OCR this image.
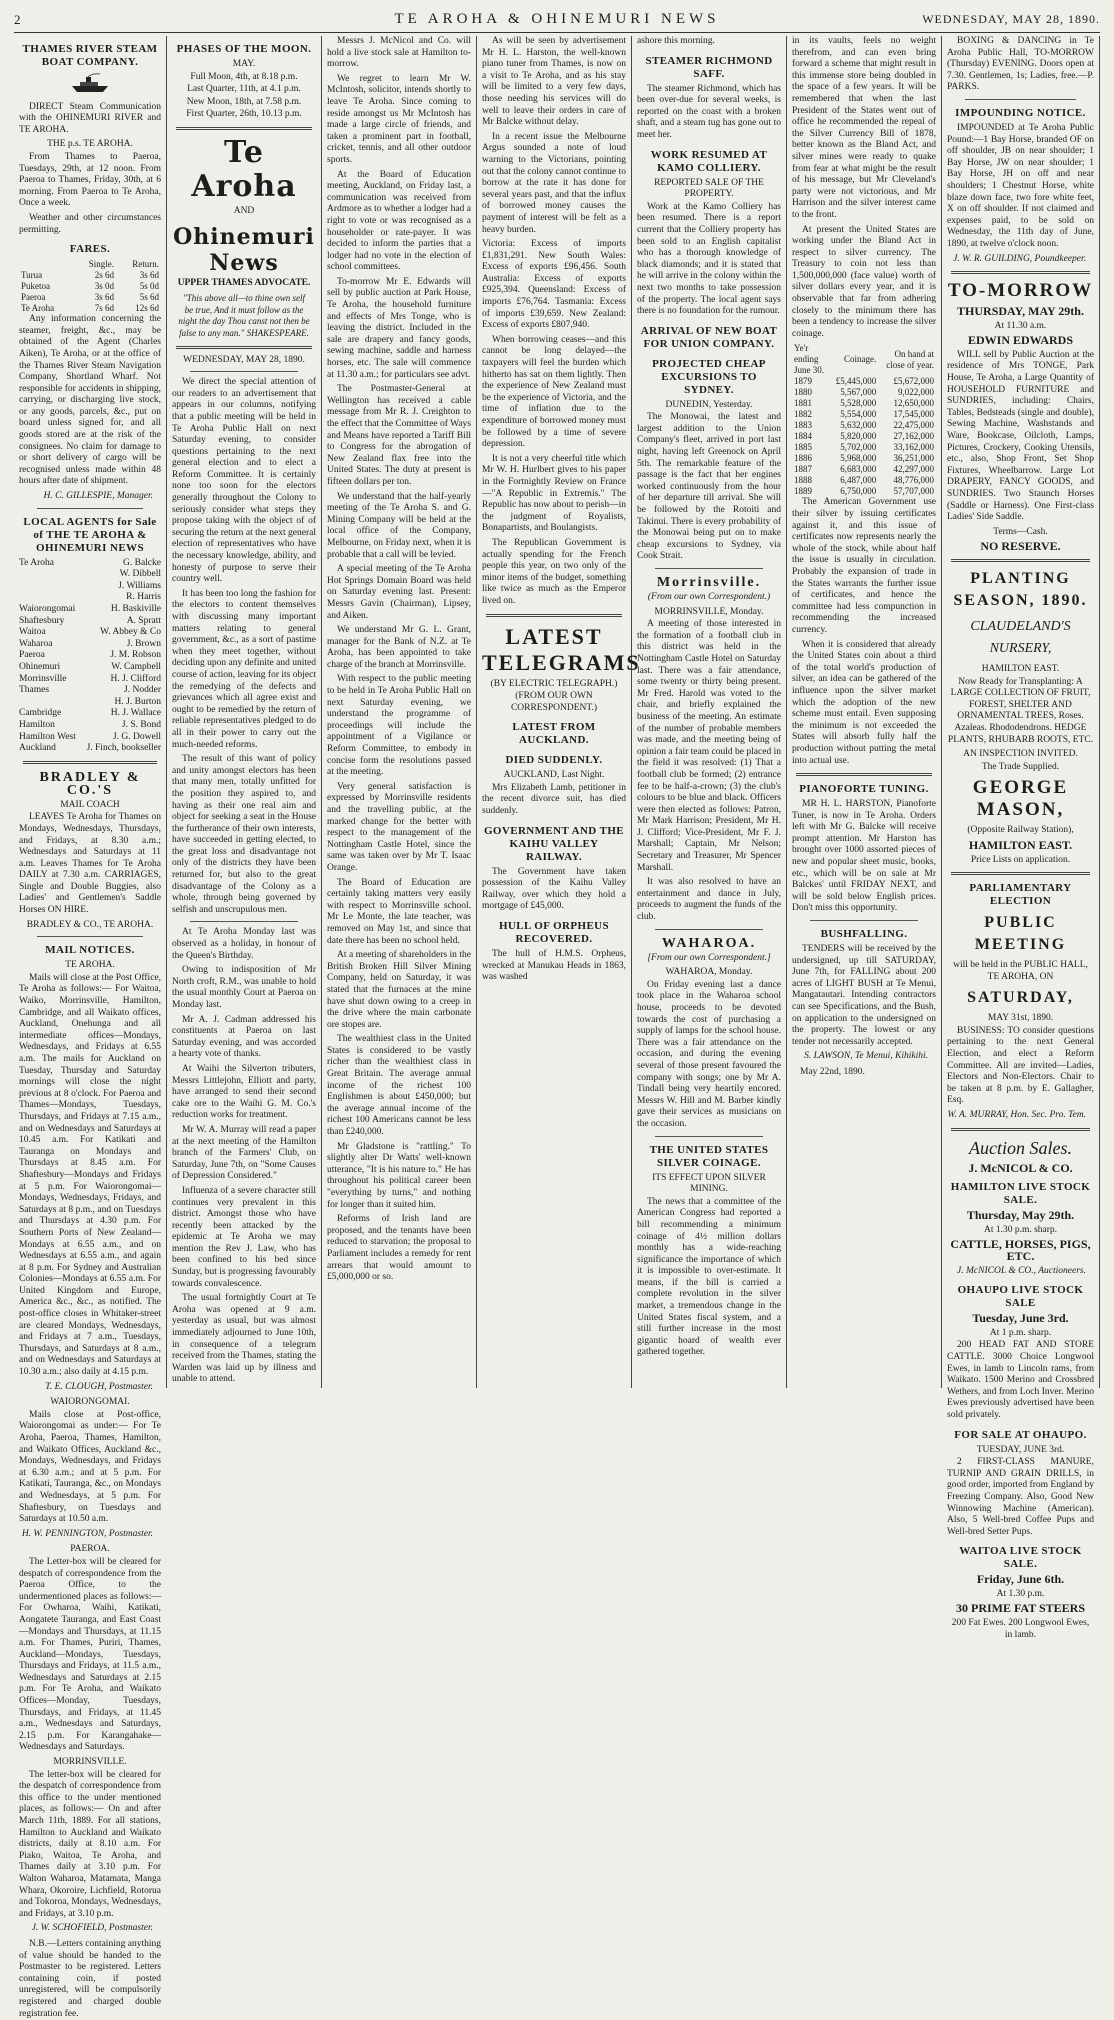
2	TE AROHA & OHINEMURI NEWS	WEDNESDAY, MAY 28, 1890.
THAMES RIVER STEAM BOAT COMPANY.

DIRECT Steam Communication with the OHINEMURI RIVER and TE AROHA.

THE p.s. TE AROHA.

From Thames to Paeroa, Tuesdays, 29th, at 12 noon. From Paeroa to Thames, Friday, 30th, at 6 morning. From Paeroa to Te Aroha, Once a week.

Weather and other circumstances permitting.

FARES.
	Single.	Return.
Turua	2s 6d	3s 6d
Puketoa	3s 0d	5s 0d
Paeroa	3s 6d	5s 6d
Te Aroha	7s 6d	12s 6d

Any information concerning the steamer, freight, &c., may be obtained of the Agent (Charles Aiken), Te Aroha, or at the office of the Thames River Steam Navigation Company, Shortland Wharf. Not responsible for accidents in shipping, carrying, or discharging live stock, or any goods, parcels, &c., put on board unless signed for, and all goods stored are at the risk of the consignees. No claim for damage to or short delivery of cargo will be recognised unless made within 48 hours after date of shipment.

H. C. GILLESPIE, Manager.
LOCAL AGENTS for Sale of THE TE AROHA & OHINEMURI NEWS
Te Aroha	G. Balcke
W. Dibbell
J. Williams
R. Harris
Waiorongomai	H. Baskiville
Shaftesbury	A. Spratt
Waitoa	W. Abbey & Co
Waharoa	J. Brown
Paeroa	J. M. Robson
Ohinemuri	W. Campbell
Morrinsville	H. J. Clifford
Thames	J. Nodder
H. J. Burton
Cambridge	H. J. Wallace
Hamilton	J. S. Bond
Hamilton West	J. G. Dowell
Auckland	J. Finch, bookseller
BRADLEY & CO.'S
MAIL COACH

LEAVES Te Aroha for Thames on Mondays, Wednesdays, Thursdays, and Fridays, at 8.30 a.m.; Wednesdays and Saturdays at 11 a.m. Leaves Thames for Te Aroha DAILY at 7.30 a.m. CARRIAGES, Single and Double Buggies, also Ladies' and Gentlemen's Saddle Horses ON HIRE.

BRADLEY & CO., TE AROHA.
MAIL NOTICES.
TE AROHA.

Mails will close at the Post Office, Te Aroha as follows:— For Waitoa, Waiko, Morrinsville, Hamilton, Cambridge, and all Waikato offices, Auckland, Onehunga and all intermediate offices—Mondays, Wednesdays, and Fridays at 6.55 a.m. The mails for Auckland on Tuesday, Thursday and Saturday mornings will close the night previous at 8 o'clock. For Paeroa and Thames—Mondays, Tuesdays, Thursdays, and Fridays at 7.15 a.m., and on Wednesdays and Saturdays at 10.45 a.m. For Katikati and Tauranga on Mondays and Thursdays at 8.45 a.m. For Shaftesbury—Mondays and Fridays at 5 p.m. For Waiorongomai—Mondays, Wednesdays, Fridays, and Saturdays at 8 p.m., and on Tuesdays and Thursdays at 4.30 p.m. For Southern Ports of New Zealand—Mondays at 6.55 a.m., and on Wednesdays at 6.55 a.m., and again at 8 p.m. For Sydney and Australian Colonies—Mondays at 6.55 a.m. For United Kingdom and Europe, America &c., &c., as notified. The post-office closes in Whitaker-street are cleared Mondays, Wednesdays, and Fridays at 7 a.m., Tuesdays, Thursdays, and Saturdays at 8 a.m., and on Wednesdays and Saturdays at 10.30 a.m.; also daily at 4.15 p.m.

T. E. CLOUGH, Postmaster.
WAIORONGOMAI.

Mails close at Post-office, Waiorongomai as under:— For Te Aroha, Paeroa, Thames, Hamilton, and Waikato Offices, Auckland &c., Mondays, Wednesdays, and Fridays at 6.30 a.m.; and at 5 p.m. For Katikati, Tauranga, &c., on Mondays and Wednesdays, at 5 p.m. For Shaftesbury, on Tuesdays and Saturdays at 10.50 a.m.

H. W. PENNINGTON, Postmaster.
PAEROA.

The Letter-box will be cleared for despatch of correspondence from the Paeroa Office, to the undermentioned places as follows:— For Owharoa, Waihi, Katikati, Aongatete Tauranga, and East Coast—Mondays and Thursdays, at 11.15 a.m. For Thames, Puriri, Thames, Auckland—Mondays, Tuesdays, Thursdays and Fridays, at 11.5 a.m., Wednesdays and Saturdays at 2.15 p.m. For Te Aroha, and Waikato Offices—Monday, Tuesdays, Thursdays, and Fridays, at 11.45 a.m., Wednesdays and Saturdays, 2.15 p.m. For Karangahake—Wednesdays and Saturdays.

MORRINSVILLE.

The letter-box will be cleared for the despatch of correspondence from this office to the under mentioned places, as follows:— On and after March 11th, 1889. For all stations, Hamilton to Auckland and Waikato districts, daily at 8.10 a.m. For Piako, Waitoa, Te Aroha, and Thames daily at 3.10 p.m. For Walton Waharoa, Matamata, Manga Whara, Okoroire, Lichfield, Rotorua and Tokoroa, Mondays, Wednesdays, and Fridays, at 3.10 p.m.

J. W. SCHOFIELD, Postmaster.

N.B.—Letters containing anything of value should be handed to the Postmaster to be registered. Letters containing coin, if posted unregistered, will be compulsorily registered and charged double registration fee.

PHASES OF THE MOON.
MAY.
Full Moon, 4th, at 8.18 p.m.
Last Quarter, 11th, at 4.1 p.m.
New Moon, 18th, at 7.58 p.m.
First Quarter, 26th, 10.13 p.m.
Te Aroha
AND
Ohinemuri News
UPPER THAMES ADVOCATE.
"This above all—to thine own self be true, And it must follow as the night the day Thou canst not then be false to any man." SHAKESPEARE.
WEDNESDAY, MAY 28, 1890.

We direct the special attention of our readers to an advertisement that appears in our columns, notifying that a public meeting will be held in Te Aroha Public Hall on next Saturday evening, to consider questions pertaining to the next general election and to elect a Reform Committee. It is certainly none too soon for the electors generally throughout the Colony to seriously consider what steps they propose taking with the object of of securing the return at the next general election of representatives who have the necessary knowledge, ability, and honesty of purpose to serve their country well.

It has been too long the fashion for the electors to content themselves with discussing many important matters relating to general government, &c., as a sort of pastime when they meet together, without deciding upon any definite and united course of action, leaving for its object the remedying of the defects and grievances which all agree exist and ought to be remedied by the return of reliable representatives pledged to do all in their power to carry out the much-needed reforms.

The result of this want of policy and unity amongst electors has been that many men, totally unfitted for the position they aspired to, and having as their one real aim and object for seeking a seat in the House the furtherance of their own interests, have succeeded in getting elected, to the great loss and disadvantage not only of the districts they have been returned for, but also to the great disadvantage of the Colony as a whole, through being governed by selfish and unscrupulous men.

At Te Aroha Monday last was observed as a holiday, in honour of the Queen's Birthday.

Owing to indisposition of Mr North croft, R.M., was unable to hold the usual monthly Court at Paeroa on Monday last.

Mr A. J. Cadman addressed his constituents at Paeroa on last Saturday evening, and was accorded a hearty vote of thanks.

At Waihi the Silverton tributers, Messrs Littlejohn, Elliott and party, have arranged to send their second cake ore to the Waihi G. M. Co.'s reduction works for treatment.

Mr W. A. Murray will read a paper at the next meeting of the Hamilton branch of the Farmers' Club, on Saturday, June 7th, on "Some Causes of Depression Considered."

Influenza of a severe character still continues very prevalent in this district. Amongst those who have recently been attacked by the epidemic at Te Aroha we may mention the Rev J. Law, who has been confined to his bed since Sunday, but is progressing favourably towards convalescence.

The usual fortnightly Court at Te Aroha was opened at 9 a.m. yesterday as usual, but was almost immediately adjourned to June 10th, in consequence of a telegram received from the Thames, stating the Warden was laid up by illness and unable to attend.

Messrs J. McNicol and Co. will hold a live stock sale at Hamilton to-morrow.

We regret to learn Mr W. McIntosh, solicitor, intends shortly to leave Te Aroha. Since coming to reside amongst us Mr McIntosh has made a large circle of friends, and taken a prominent part in football, cricket, tennis, and all other outdoor sports.

At the Board of Education meeting, Auckland, on Friday last, a communication was received from Ardmore as to whether a lodger had a right to vote or was recognised as a householder or rate-payer. It was decided to inform the parties that a lodger had no vote in the election of school committees.

To-morrow Mr E. Edwards will sell by public auction at Park House, Te Aroha, the household furniture and effects of Mrs Tonge, who is leaving the district. Included in the sale are drapery and fancy goods, sewing machine, saddle and harness horses, etc. The sale will commence at 11.30 a.m.; for particulars see advt.

The Postmaster-General at Wellington has received a cable message from Mr R. J. Creighton to the effect that the Committee of Ways and Means have reported a Tariff Bill to Congress for the abrogation of New Zealand flax free into the United States. The duty at present is fifteen dollars per ton.

We understand that the half-yearly meeting of the Te Aroha S. and G. Mining Company will be held at the local office of the Company, Melbourne, on Friday next, when it is probable that a call will be levied.

A special meeting of the Te Aroha Hot Springs Domain Board was held on Saturday evening last. Present: Messrs Gavin (Chairman), Lipsey, and Aiken.

We understand Mr G. L. Grant, manager for the Bank of N.Z. at Te Aroha, has been appointed to take charge of the branch at Morrinsville.

With respect to the public meeting to be held in Te Aroha Public Hall on next Saturday evening, we understand the programme of proceedings will include the appointment of a Vigilance or Reform Committee, to embody in concise form the resolutions passed at the meeting.

Very general satisfaction is expressed by Morrinsville residents and the travelling public, at the marked change for the better with respect to the management of the Nottingham Castle Hotel, since the same was taken over by Mr T. Isaac Orange.

The Board of Education are certainly taking matters very easily with respect to Morrinsville school. Mr Le Monte, the late teacher, was removed on May 1st, and since that date there has been no school held.

At a meeting of shareholders in the British Broken Hill Silver Mining Company, held on Saturday, it was stated that the furnaces at the mine have shut down owing to a creep in the drive where the main carbonate ore stopes are.

The wealthiest class in the United States is considered to be vastly richer than the wealthiest class in Great Britain. The average annual income of the richest 100 Englishmen is about £450,000; but the average annual income of the richest 100 Americans cannot be less than £240,000.

Mr Gladstone is "rattling." To slightly alter Dr Watts' well-known utterance, "It is his nature to." He has throughout his political career been "everything by turns," and nothing for longer than it suited him.

Reforms of Irish land are proposed, and the tenants have been reduced to starvation; the proposal to Parliament includes a remedy for rent arrears that would amount to £5,000,000 or so.

As will be seen by advertisement Mr H. L. Harston, the well-known piano tuner from Thames, is now on a visit to Te Aroha, and as his stay will be limited to a very few days, those needing his services will do well to leave their orders in care of Mr Balcke without delay.

In a recent issue the Melbourne Argus sounded a note of loud warning to the Victorians, pointing out that the colony cannot continue to borrow at the rate it has done for several years past, and that the influx of borrowed money causes the payment of interest will be felt as a heavy burden.

Victoria: Excess of imports £1,831,291. New South Wales: Excess of exports £96,456. South Australia: Excess of exports £925,394. Queensland: Excess of imports £76,764. Tasmania: Excess of imports £39,659. New Zealand: Excess of exports £807,940.

When borrowing ceases—and this cannot be long delayed—the taxpayers will feel the burden which hitherto has sat on them lightly. Then the experience of New Zealand must be the experience of Victoria, and the time of inflation due to the expenditure of borrowed money must be followed by a time of severe depression.

It is not a very cheerful title which Mr W. H. Hurlbert gives to his paper in the Fortnightly Review on France—"A Republic in Extremis." The Republic has now about to perish—in the judgment of Royalists, Bonapartists, and Boulangists.

The Republican Government is actually spending for the French people this year, on two only of the minor items of the budget, something like twice as much as the Emperor lived on.

LATEST TELEGRAMS
(BY ELECTRIC TELEGRAPH.)
(FROM OUR OWN CORRESPONDENT.)
LATEST FROM AUCKLAND.
DIED SUDDENLY.
AUCKLAND, Last Night.

Mrs Elizabeth Lamb, petitioner in the recent divorce suit, has died suddenly.

GOVERNMENT AND THE KAIHU VALLEY RAILWAY.

The Government have taken possession of the Kaihu Valley Railway, over which they hold a mortgage of £45,000.

HULL OF ORPHEUS RECOVERED.

The hull of H.M.S. Orpheus, wrecked at Manukau Heads in 1863, was washed

ashore this morning.

STEAMER RICHMOND SAFF.

The steamer Richmond, which has been over-due for several weeks, is reported on the coast with a broken shaft, and a steam tug has gone out to meet her.

WORK RESUMED AT KAMO COLLIERY.
REPORTED SALE OF THE PROPERTY.

Work at the Kamo Colliery has been resumed. There is a report current that the Colliery property has been sold to an English capitalist who has a thorough knowledge of black diamonds; and it is stated that he will arrive in the colony within the next two months to take possession of the property. The local agent says there is no foundation for the rumour.

ARRIVAL OF NEW BOAT FOR UNION COMPANY.
PROJECTED CHEAP EXCURSIONS TO SYDNEY.
DUNEDIN, Yesterday.

The Monowai, the latest and largest addition to the Union Company's fleet, arrived in port last night, having left Greenock on April 5th. The remarkable feature of the passage is the fact that her engines worked continuously from the hour of her departure till arrival. She will be followed by the Rotoiti and Takinui. There is every probability of the Monowai being put on to make cheap excursions to Sydney, via Cook Strait.

Morrinsville.
(From our own Correspondent.)
MORRINSVILLE, Monday.

A meeting of those interested in the formation of a football club in this district was held in the Nottingham Castle Hotel on Saturday last. There was a fair attendance, some twenty or thirty being present. Mr Fred. Harold was voted to the chair, and briefly explained the business of the meeting. An estimate of the number of probable members was made, and the meeting being of opinion a fair team could be placed in the field it was resolved: (1) That a football club be formed; (2) entrance fee to be half-a-crown; (3) the club's colours to be blue and black. Officers were then elected as follows: Patron, Mr Mark Harrison; President, Mr H. J. Clifford; Vice-President, Mr F. J. Marshall; Captain, Mr Nelson; Secretary and Treasurer, Mr Spencer Marshall.

It was also resolved to have an entertainment and dance in July, proceeds to augment the funds of the club.

WAHAROA.
[From our own Correspondent.]
WAHAROA, Monday.

On Friday evening last a dance took place in the Waharoa school house, proceeds to be devoted towards the cost of purchasing a supply of lamps for the school house. There was a fair attendance on the occasion, and during the evening several of those present favoured the company with songs; one by Mr A. Tindall being very heartily encored. Messrs W. Hill and M. Barber kindly gave their services as musicians on the occasion.

THE UNITED STATES SILVER COINAGE.
ITS EFFECT UPON SILVER MINING.

The news that a committee of the American Congress had reported a bill recommending a minimum coinage of 4½ million dollars monthly has a wide-reaching significance the importance of which it is impossible to over-estimate. It means, if the bill is carried a complete revolution in the silver market, a tremendous change in the United States fiscal system, and a still further increase in the most gigantic hoard of wealth ever gathered together.

in its vaults, feels no weight therefrom, and can even bring forward a scheme that might result in this immense store being doubled in the space of a few years. It will be remembered that when the last President of the States went out of office he recommended the repeal of the Silver Currency Bill of 1878, better known as the Bland Act, and silver mines were ready to quake from fear at what might be the result of his message, but Mr Cleveland's party were not victorious, and Mr Harrison and the silver interest came to the front.

At present the United States are working under the Bland Act in respect to silver currency. The Treasury to coin not less than 1,500,000,000 (face value) worth of silver dollars every year, and it is observable that far from adhering closely to the minimum there has been a tendency to increase the silver coinage.

Ye'r ending June 30.	Coinage.	On hand at close of year.
1879	£5,445,000	£5,672,000
1880	5,567,000	9,022,000
1881	5,528,000	12,650,000
1882	5,554,000	17,545,000
1883	5,632,000	22,475,000
1884	5,820,000	27,162,000
1885	5,702,000	33,162,000
1886	5,968,000	36,251,000
1887	6,683,000	42,297,000
1888	6,487,000	48,776,000
1889	6,750,000	57,707,000

The American Government use their silver by issuing certificates against it, and this issue of certificates now represents nearly the whole of the stock, while about half the issue is usually in circulation. Probably the expansion of trade in the States warrants the further issue of certificates, and hence the committee had less compunction in recommending the increased currency.

When it is considered that already the United States coin about a third of the total world's production of silver, an idea can be gathered of the influence upon the silver market which the adoption of the new scheme must entail. Even supposing the minimum is not exceeded the States will absorb fully half the production without putting the metal into actual use.

PIANOFORTE TUNING.

MR H. L. HARSTON, Pianoforte Tuner, is now in Te Aroha. Orders left with Mr G. Balcke will receive prompt attention. Mr Harston has brought over 1000 assorted pieces of new and popular sheet music, books, etc., which will be on sale at Mr Balckes' until FRIDAY NEXT, and will be sold below English prices. Don't miss this opportunity.

BUSHFALLING.

TENDERS will be received by the undersigned, up till SATURDAY, June 7th, for FALLING about 200 acres of LIGHT BUSH at Te Menui, Mangatautari. Intending contractors can see Specifications, and the Bush, on application to the undersigned on the property. The lowest or any tender not necessarily accepted.

S. LAWSON, Te Menui, Kihikihi.
May 22nd, 1890.

BOXING & DANCING in Te Aroha Public Hall, TO-MORROW (Thursday) EVENING. Doors open at 7.30. Gentlemen, 1s; Ladies, free.—P. PARKS.

IMPOUNDING NOTICE.

IMPOUNDED at Te Aroha Public Pound:—1 Bay Horse, branded OF on off shoulder, JB on near shoulder; 1 Bay Horse, JW on near shoulder; 1 Bay Horse, JH on off and near shoulders; 1 Chestnut Horse, white blaze down face, two fore white feet, X on off shoulder. If not claimed and expenses paid, to be sold on Wednesday, the 11th day of June, 1890, at twelve o'clock noon.

J. W. R. GUILDING, Poundkeeper.
TO-MORROW
THURSDAY, MAY 29th.
At 11.30 a.m.
EDWIN EDWARDS

WILL sell by Public Auction at the residence of Mrs TONGE, Park House, Te Aroha, a Large Quantity of HOUSEHOLD FURNITURE and SUNDRIES, including: Chairs, Tables, Bedsteads (single and double), Sewing Machine, Washstands and Ware, Bookcase, Oilcloth, Lamps, Pictures, Crockery, Cooking Utensils, etc., also, Shop Front, Set Shop Fixtures, Wheelbarrow. Large Lot DRAPERY, FANCY GOODS, and SUNDRIES. Two Staunch Horses (Saddle or Harness). One First-class Ladies' Side Saddle.

Terms—Cash.
NO RESERVE.
PLANTING SEASON, 1890.
CLAUDELAND'S NURSERY,
HAMILTON EAST.

Now Ready for Transplanting: A LARGE COLLECTION OF FRUIT, FOREST, SHELTER AND ORNAMENTAL TREES, Roses. Azaleas. Rhododendrons. HEDGE PLANTS, RHUBARB ROOTS, ETC.

AN INSPECTION INVITED.
The Trade Supplied.
GEORGE MASON,
(Opposite Railway Station),
HAMILTON EAST.
Price Lists on application.
PARLIAMENTARY ELECTION
PUBLIC MEETING
will be held in the PUBLIC HALL, TE AROHA, ON
SATURDAY,
MAY 31st, 1890.

BUSINESS: TO consider questions pertaining to the next General Election, and elect a Reform Committee. All are invited—Ladies, Electors and Non-Electors. Chair to be taken at 8 p.m. by E. Gallagher, Esq.

W. A. MURRAY, Hon. Sec. Pro. Tem.
Auction Sales.
J. McNICOL & CO.
HAMILTON LIVE STOCK SALE.
Thursday, May 29th.
At 1.30 p.m. sharp.
CATTLE, HORSES, PIGS, ETC.
J. McNICOL & CO., Auctioneers.
OHAUPO LIVE STOCK SALE
Tuesday, June 3rd.
At 1 p.m. sharp.

200 HEAD FAT AND STORE CATTLE. 3000 Choice Longwool Ewes, in lamb to Lincoln rams, from Waikato. 1500 Merino and Crossbred Wethers, and from Loch Inver. Merino Ewes previously advertised have been sold privately.

FOR SALE AT OHAUPO.
TUESDAY, JUNE 3rd.

2 FIRST-CLASS MANURE, TURNIP AND GRAIN DRILLS, in good order, imported from England by Freezing Company. Also, Good New Winnowing Machine (American). Also, 5 Well-bred Coffee Pups and Well-bred Setter Pups.

WAITOA LIVE STOCK SALE.
Friday, June 6th.
At 1.30 p.m.
30 PRIME FAT STEERS
200 Fat Ewes. 200 Longwool Ewes, in lamb.
